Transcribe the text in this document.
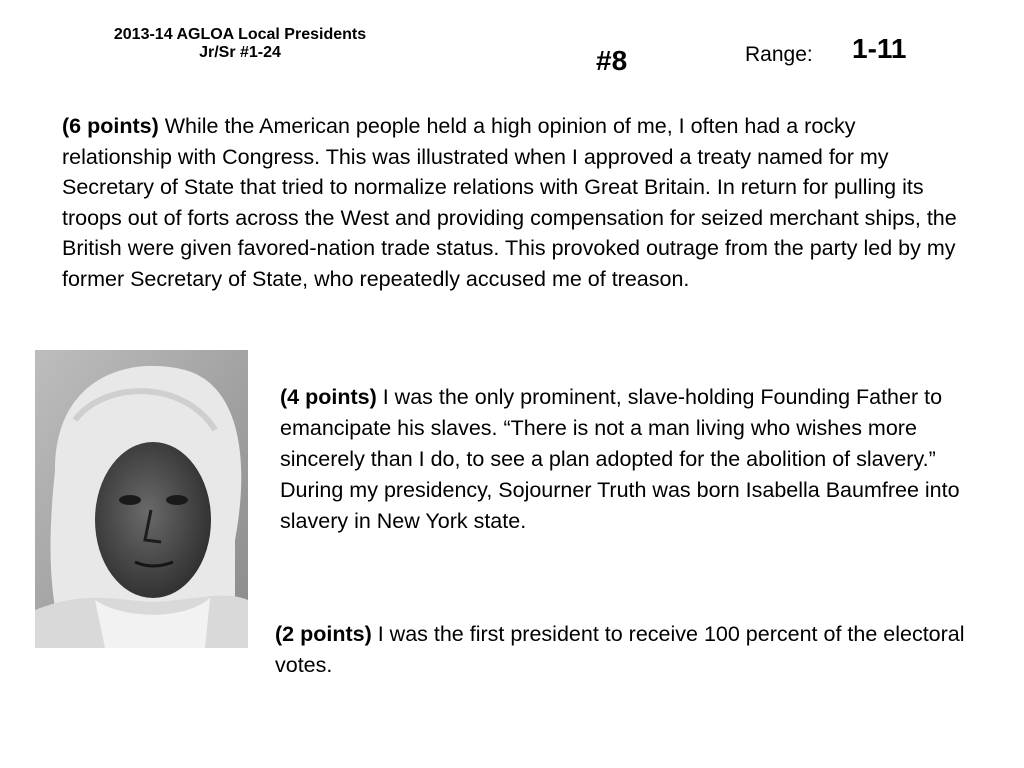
2013-14 AGLOA Local Presidents
Jr/Sr #1-24	#8	Range: 1-11
(6 points) While the American people held a high opinion of me, I often had a rocky relationship with Congress. This was illustrated when I approved a treaty named for my Secretary of State that tried to normalize relations with Great Britain. In return for pulling its troops out of forts across the West and providing compensation for seized merchant ships, the British were given favored-nation trade status. This provoked outrage from the party led by my former Secretary of State, who repeatedly accused me of treason.
(4 points) I was the only prominent, slave-holding Founding Father to emancipate his slaves. “There is not a man living who wishes more sincerely than I do, to see a plan adopted for the abolition of slavery.” During my presidency, Sojourner Truth was born Isabella Baumfree into slavery in New York state.
(2 points) I was the first president to receive 100 percent of the electoral votes.
